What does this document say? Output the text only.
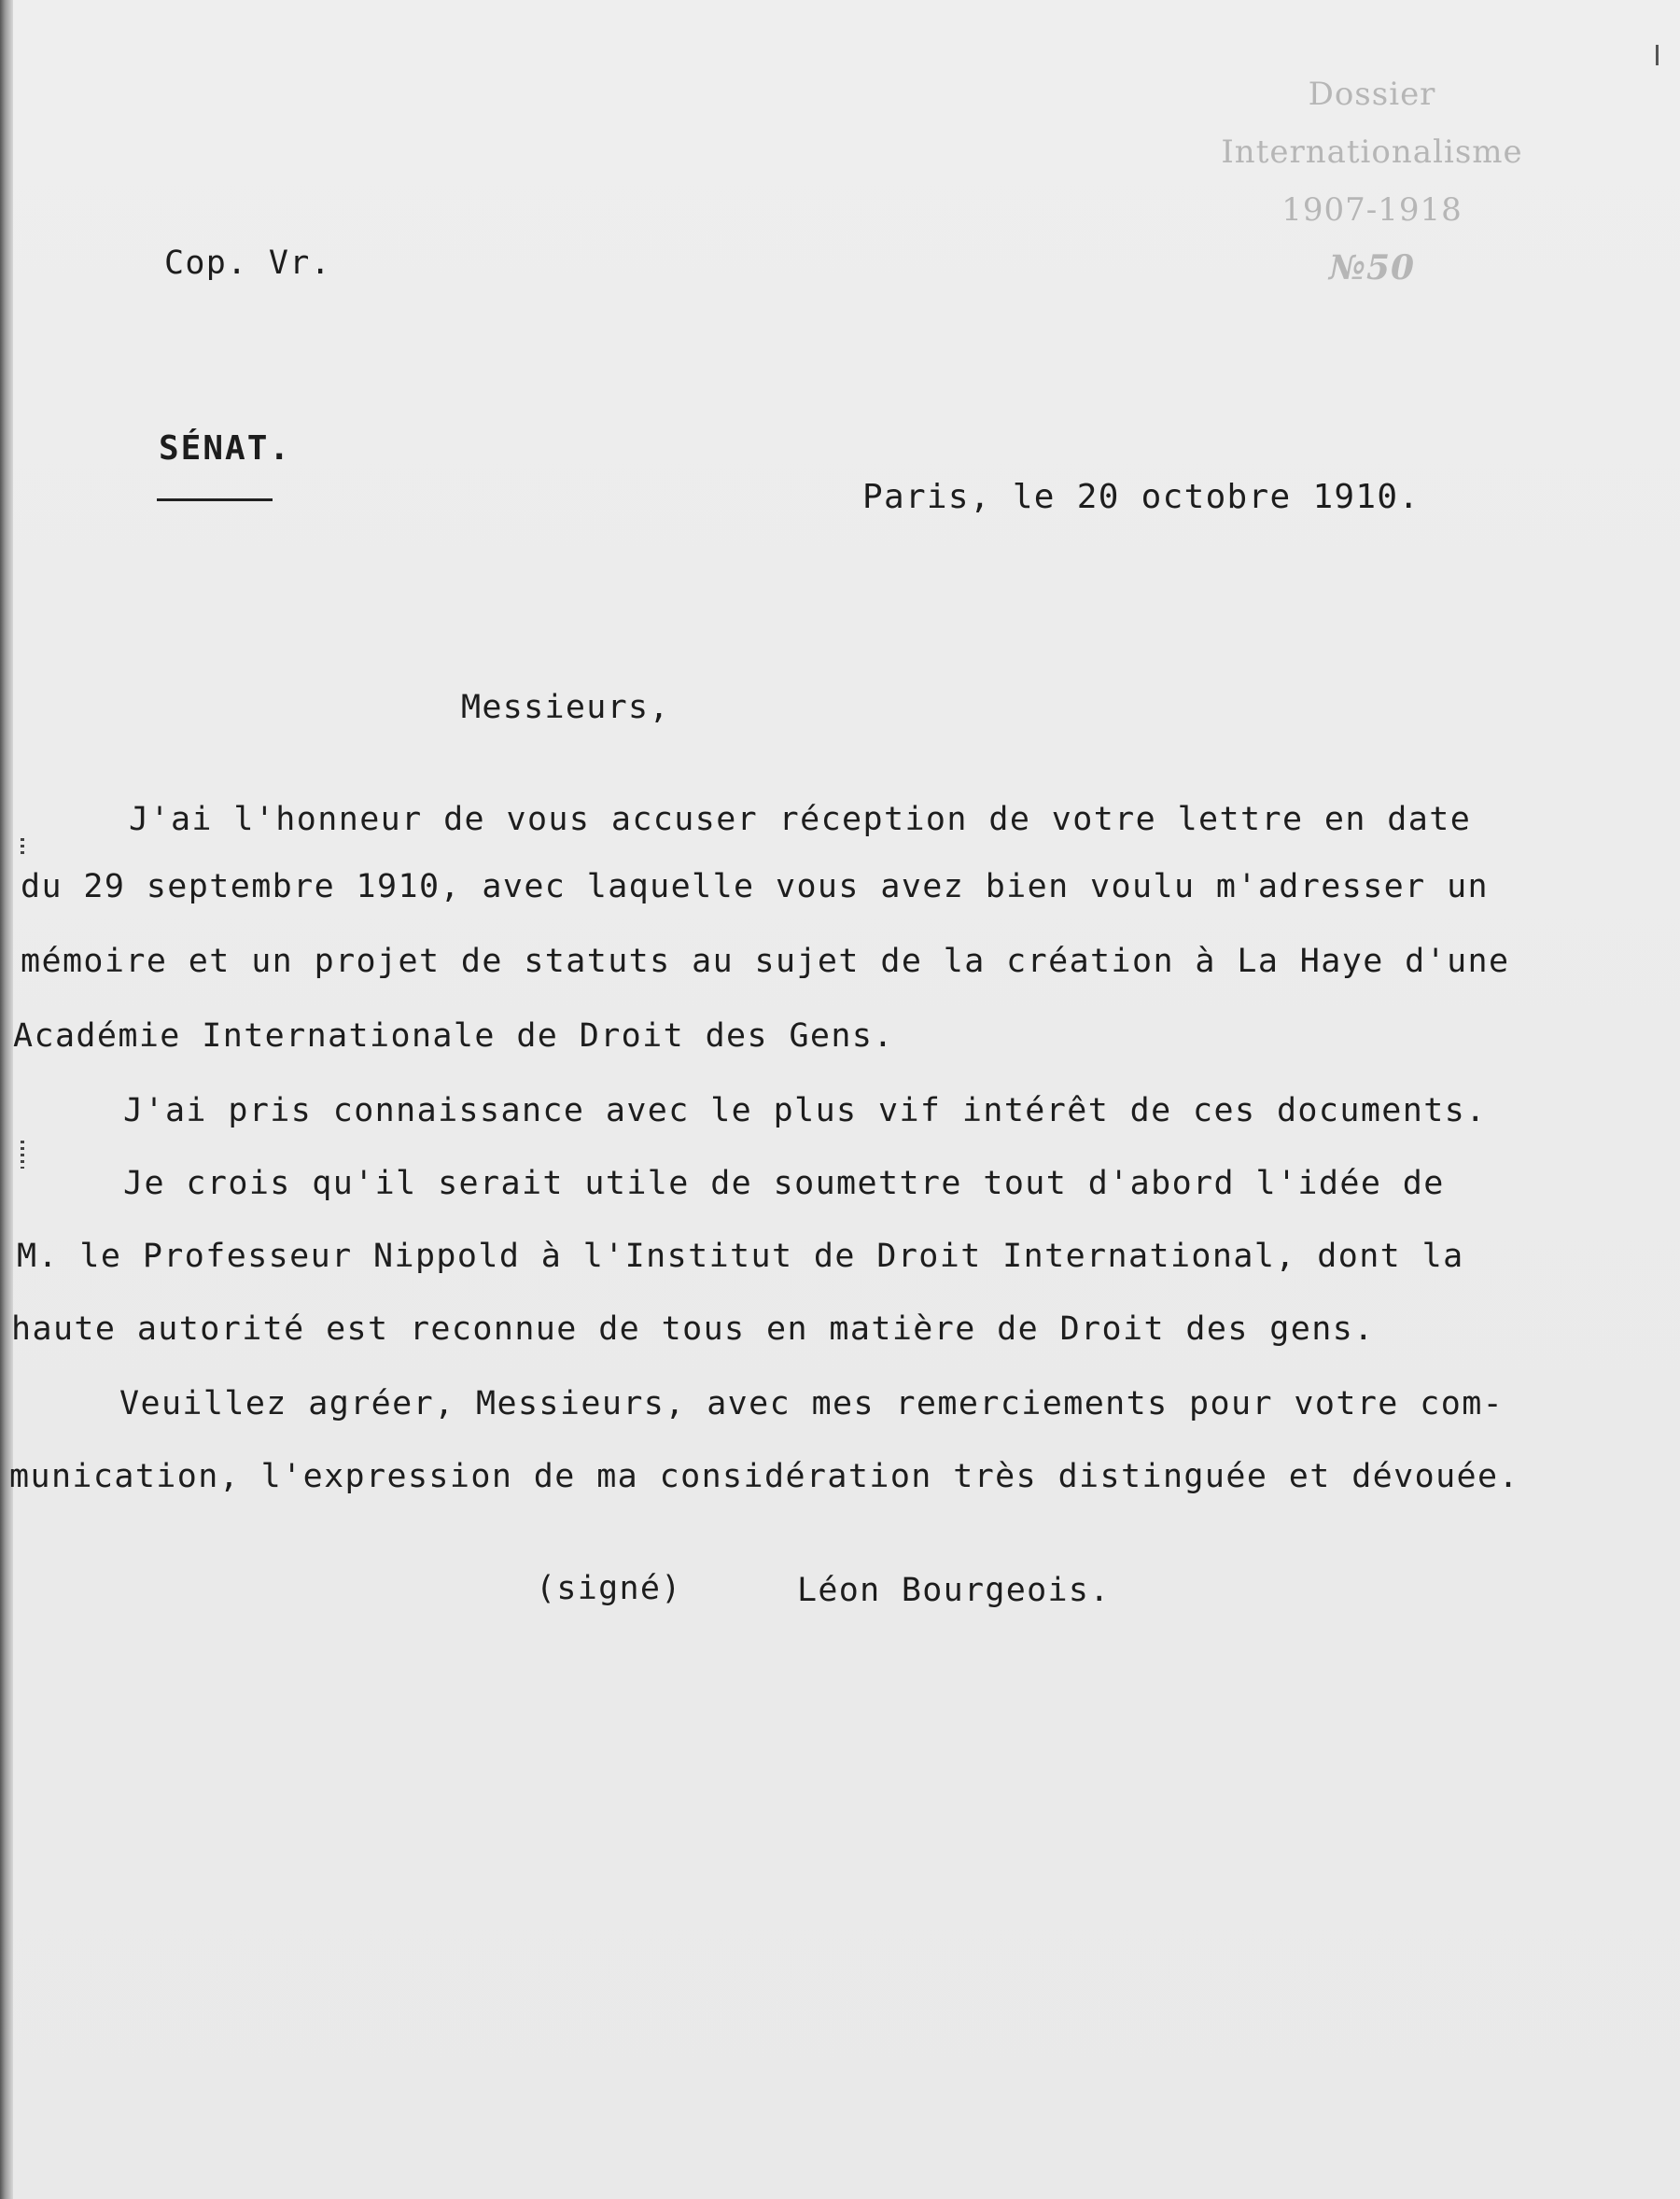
Dossier
Internationalisme
1907-1918
№50
Cop. Vr.
SÉNAT.
Paris, le 20 octobre 1910.
Messieurs,
J'ai l'honneur de vous accuser réception de votre lettre en date
du 29 septembre 1910, avec laquelle vous avez bien voulu m'adresser un
mémoire et un projet de statuts au sujet de la création à La Haye d'une
Académie Internationale de Droit des Gens.
J'ai pris connaissance avec le plus vif intérêt de ces documents.
Je crois qu'il serait utile de soumettre tout d'abord l'idée de
M. le Professeur Nippold à l'Institut de Droit International, dont la
haute autorité est reconnue de tous en matière de Droit des gens.
Veuillez agréer, Messieurs, avec mes remerciements pour votre com-
munication, l'expression de ma considération très distinguée et dévouée.
(signé)	Léon Bourgeois.
